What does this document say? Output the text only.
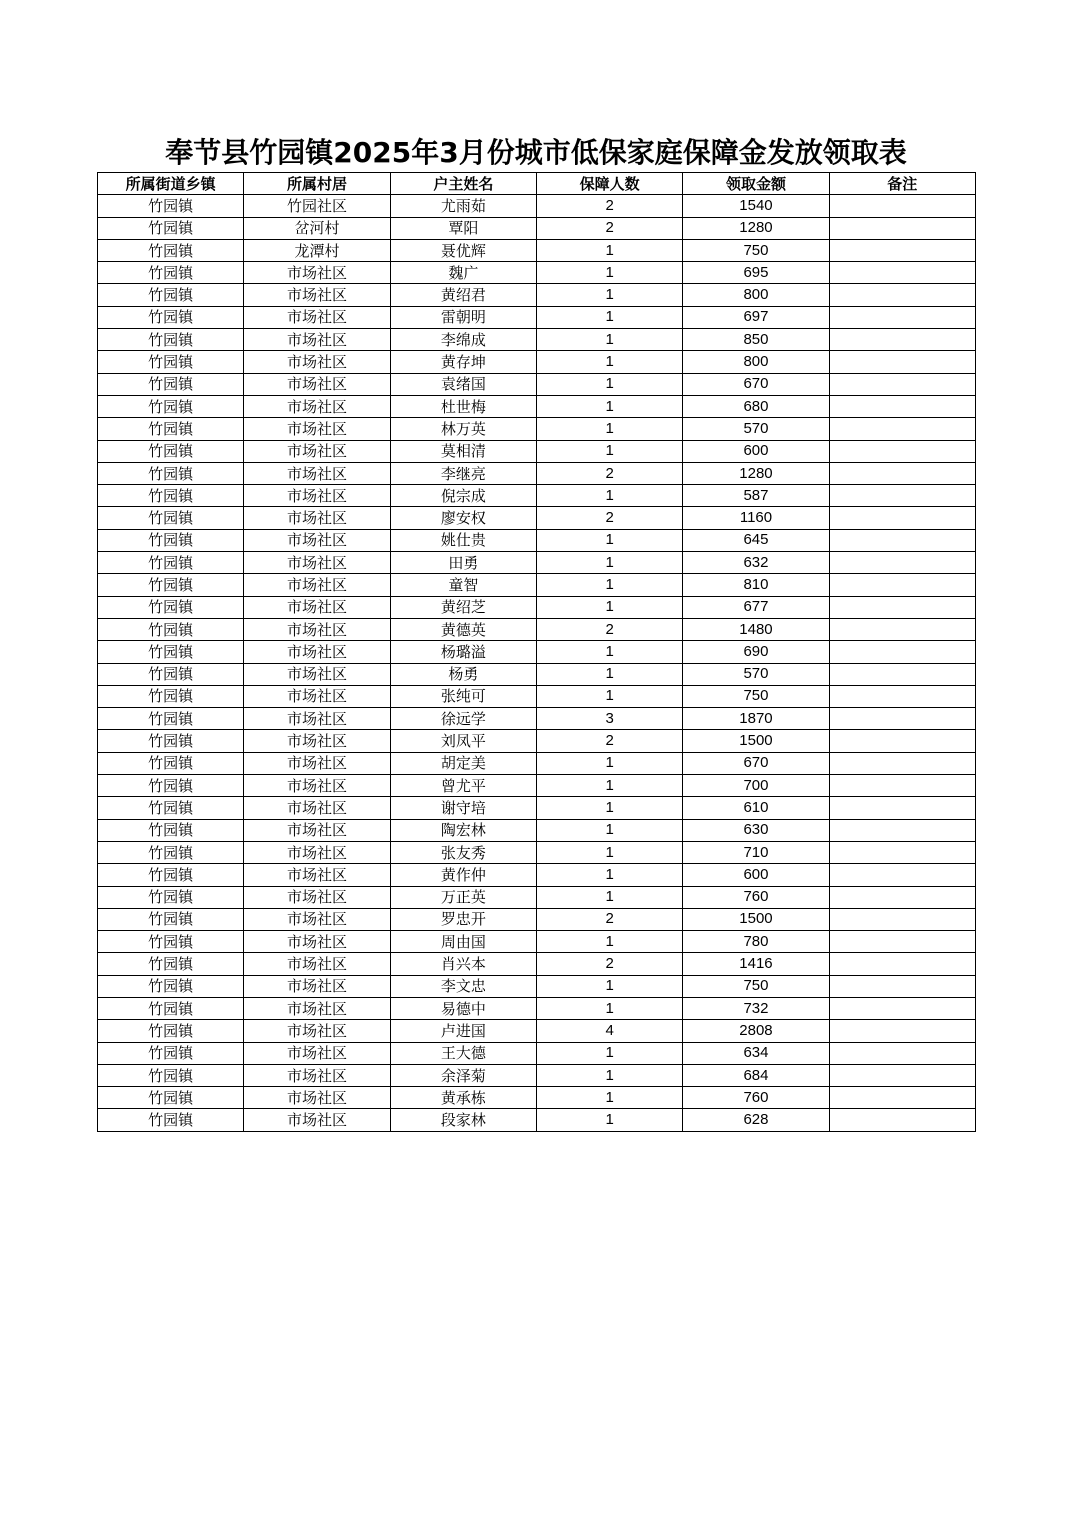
奉节县竹园镇2025年3月份城市低保家庭保障金发放领取表
所属街道乡镇	所属村居	户主姓名	保障人数	领取金额	备注
竹园镇	竹园社区	尤雨茹	2	1540	
竹园镇	岔河村	覃阳	2	1280	
竹园镇	龙潭村	聂优辉	1	750	
竹园镇	市场社区	魏广	1	695	
竹园镇	市场社区	黄绍君	1	800	
竹园镇	市场社区	雷朝明	1	697	
竹园镇	市场社区	李绵成	1	850	
竹园镇	市场社区	黄存坤	1	800	
竹园镇	市场社区	袁绪国	1	670	
竹园镇	市场社区	杜世梅	1	680	
竹园镇	市场社区	林万英	1	570	
竹园镇	市场社区	莫相清	1	600	
竹园镇	市场社区	李继亮	2	1280	
竹园镇	市场社区	倪宗成	1	587	
竹园镇	市场社区	廖安权	2	1160	
竹园镇	市场社区	姚仕贵	1	645	
竹园镇	市场社区	田勇	1	632	
竹园镇	市场社区	童智	1	810	
竹园镇	市场社区	黄绍芝	1	677	
竹园镇	市场社区	黄德英	2	1480	
竹园镇	市场社区	杨璐溢	1	690	
竹园镇	市场社区	杨勇	1	570	
竹园镇	市场社区	张纯可	1	750	
竹园镇	市场社区	徐远学	3	1870	
竹园镇	市场社区	刘凤平	2	1500	
竹园镇	市场社区	胡定美	1	670	
竹园镇	市场社区	曾尤平	1	700	
竹园镇	市场社区	谢守培	1	610	
竹园镇	市场社区	陶宏林	1	630	
竹园镇	市场社区	张友秀	1	710	
竹园镇	市场社区	黄作仲	1	600	
竹园镇	市场社区	万正英	1	760	
竹园镇	市场社区	罗忠开	2	1500	
竹园镇	市场社区	周由国	1	780	
竹园镇	市场社区	肖兴本	2	1416	
竹园镇	市场社区	李文忠	1	750	
竹园镇	市场社区	易德中	1	732	
竹园镇	市场社区	卢进国	4	2808	
竹园镇	市场社区	王大德	1	634	
竹园镇	市场社区	余泽菊	1	684	
竹园镇	市场社区	黄承栋	1	760	
竹园镇	市场社区	段家林	1	628	
